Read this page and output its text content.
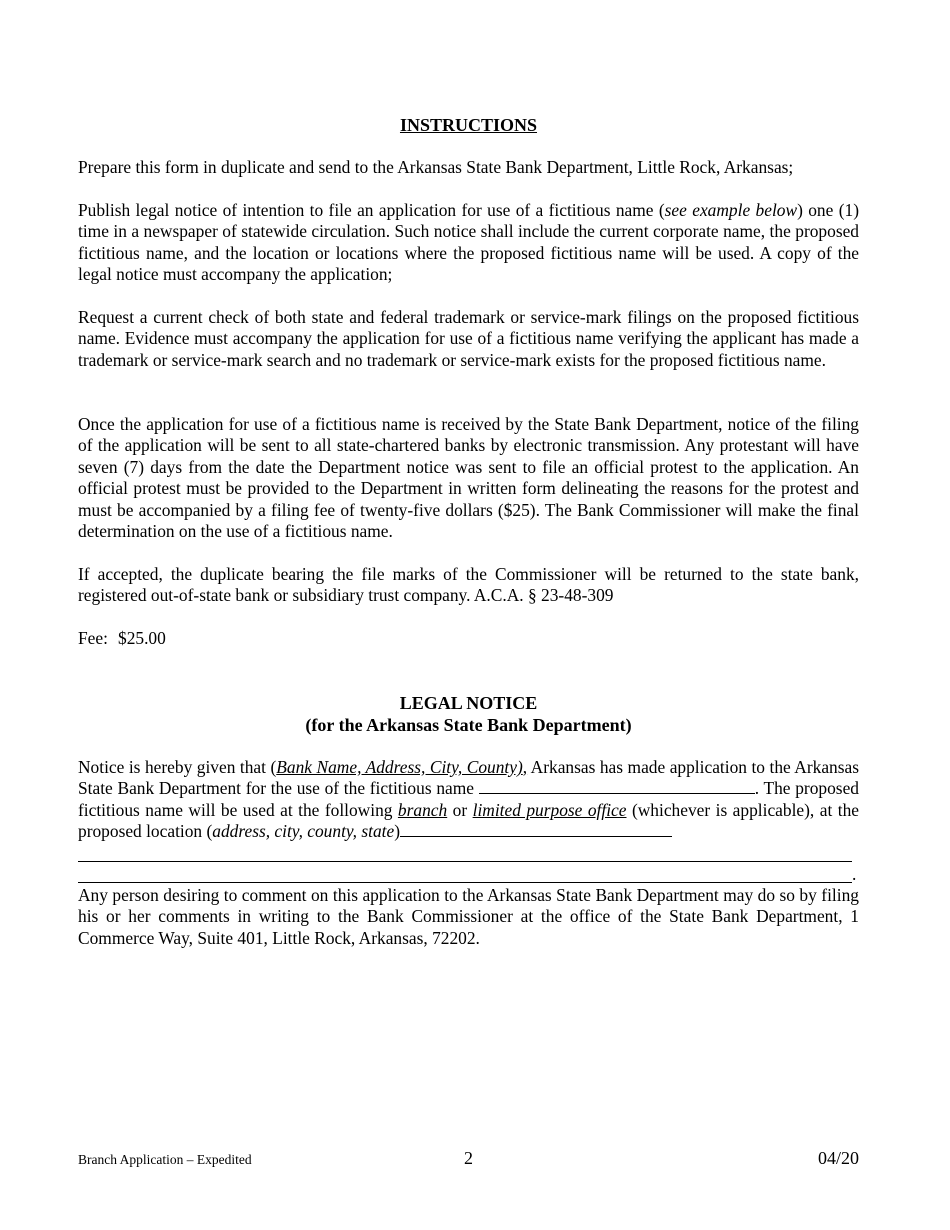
INSTRUCTIONS

Prepare this form in duplicate and send to the Arkansas State Bank Department, Little Rock, Arkansas;

Publish legal notice of intention to file an application for use of a fictitious name (see example below) one (1) time in a newspaper of statewide circulation. Such notice shall include the current corporate name, the proposed fictitious name, and the location or locations where the proposed fictitious name will be used. A copy of the legal notice must accompany the application;

Request a current check of both state and federal trademark or service-mark filings on the proposed fictitious name. Evidence must accompany the application for use of a fictitious name verifying the applicant has made a trademark or service-mark search and no trademark or service-mark exists for the proposed fictitious name.

Once the application for use of a fictitious name is received by the State Bank Department, notice of the filing of the application will be sent to all state-chartered banks by electronic transmission. Any protestant will have seven (7) days from the date the Department notice was sent to file an official protest to the application. An official protest must be provided to the Department in written form delineating the reasons for the protest and must be accompanied by a filing fee of twenty-five dollars ($25). The Bank Commissioner will make the final determination on the use of a fictitious name.

If accepted, the duplicate bearing the file marks of the Commissioner will be returned to the state bank, registered out-of-state bank or subsidiary trust company. A.C.A. § 23-48-309

Fee: $25.00

LEGAL NOTICE
(for the Arkansas State Bank Department)

Notice is hereby given that (Bank Name, Address, City, County), Arkansas has made application to the Arkansas State Bank Department for the use of the fictitious name	. The proposed fictitious name will be used at the following branch or limited purpose office (whichever is applicable), at the proposed location (address, city, county, state)

.

Any person desiring to comment on this application to the Arkansas State Bank Department may do so by filing his or her comments in writing to the Bank Commissioner at the office of the State Bank Department, 1 Commerce Way, Suite 401, Little Rock, Arkansas, 72202.

Branch Application – Expedited	2	04/20
